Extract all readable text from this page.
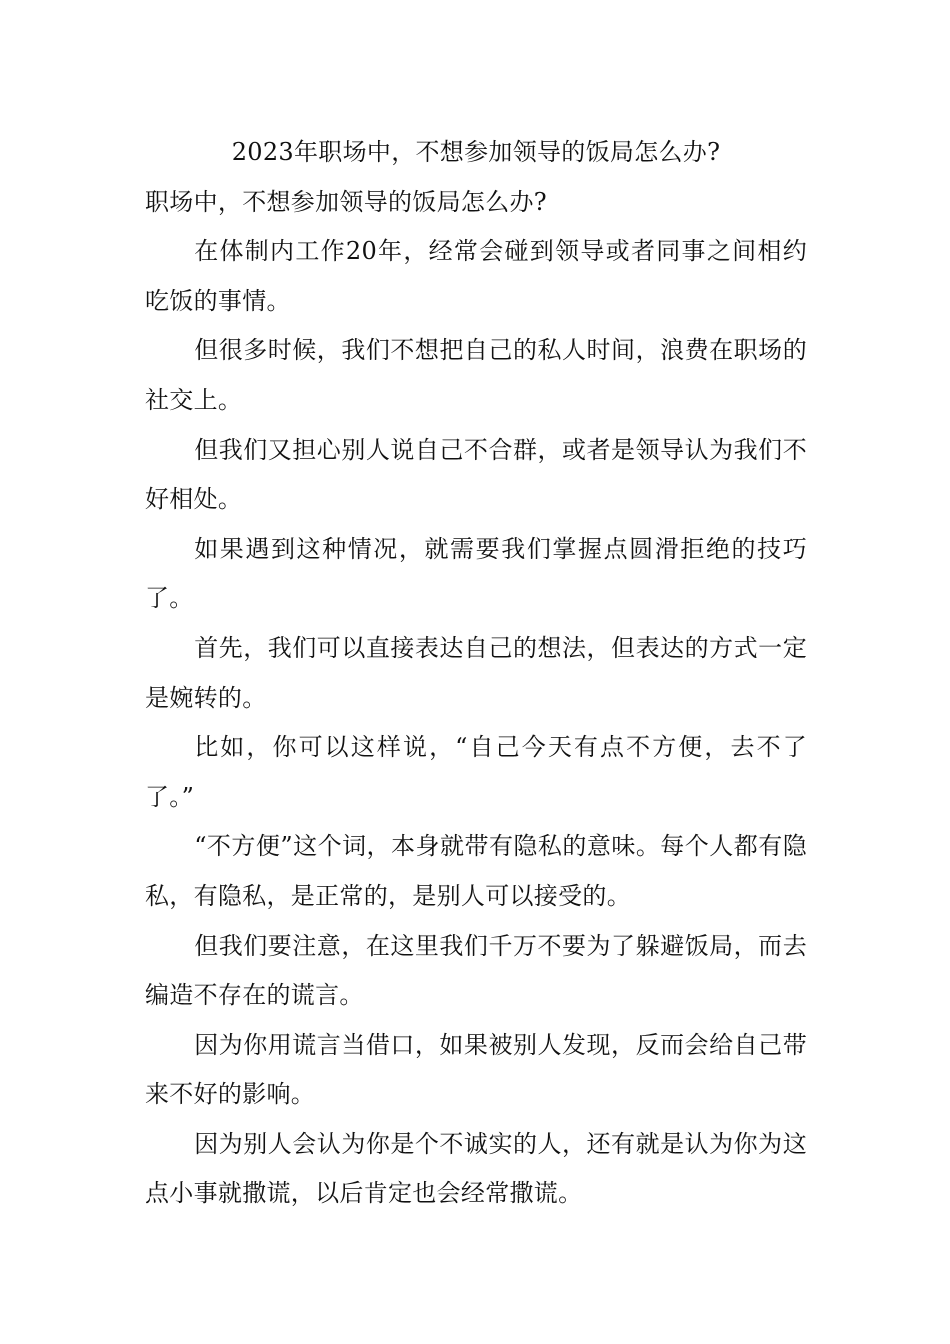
2023年职场中，不想参加领导的饭局怎么办?

职场中，不想参加领导的饭局怎么办?

在体制内工作20年，经常会碰到领导或者同事之间相约吃饭的事情。

但很多时候，我们不想把自己的私人时间，浪费在职场的社交上。

但我们又担心别人说自己不合群，或者是领导认为我们不好相处。

如果遇到这种情况，就需要我们掌握点圆滑拒绝的技巧了。

首先，我们可以直接表达自己的想法，但表达的方式一定是婉转的。

比如，你可以这样说，“自己今天有点不方便，去不了了。”

“不方便”这个词，本身就带有隐私的意味。每个人都有隐私，有隐私，是正常的，是别人可以接受的。

但我们要注意，在这里我们千万不要为了躲避饭局，而去编造不存在的谎言。

因为你用谎言当借口，如果被别人发现，反而会给自己带来不好的影响。

因为别人会认为你是个不诚实的人，还有就是认为你为这点小事就撒谎，以后肯定也会经常撒谎。
